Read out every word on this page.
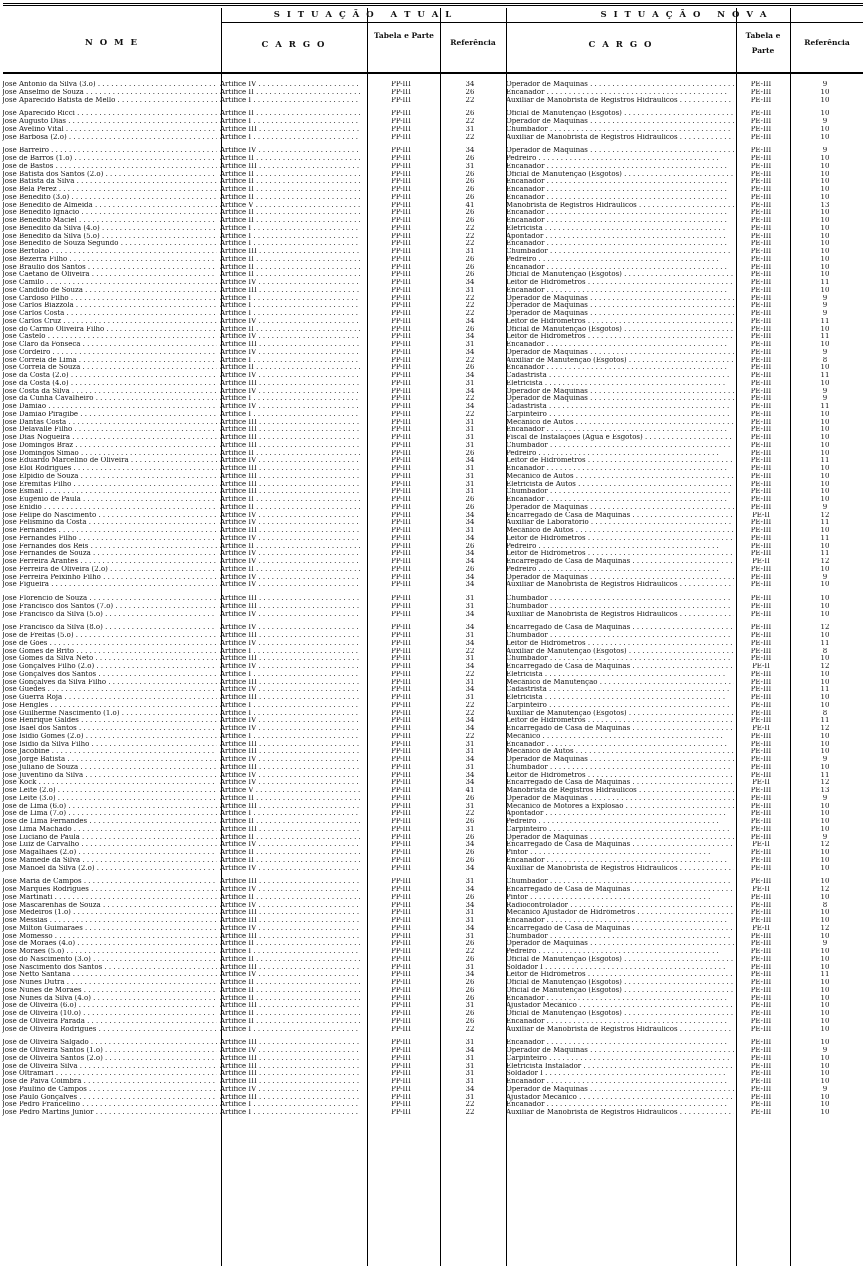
N O M E
S I T U A Ç Ã O   A T U A L	S I T U A Ç Ã O   N O V A
C A R G O
Tabela e Parte
Referência	C A R G O
Tabela e Parte
Referência
José Antonio da Silva (3.o) . . .	Artífice IV . . .	PP-III	34	Operador de Máquinas . . .	PE-III	9
José Anselmo de Souza . . .	Artífice II . . .	PP-III	26	Encanador . . .	PE-III	10
José Aparecido Batista de Mello . . .	Artífice I . . .	PP-III	22	Auxiliar de Manobrista de Registros Hidráulicos . . .	PE-III	10
José Aparecido Ricci . . .	Artífice II . . .	PP-III	26	Oficial de Manutenção (Esgotos) . . .	PE-III	10
José Augusto Dias . . .	Artífice I . . .	PP-III	22	Operador de Máquinas . . .	PE-III	9
José Avelino Vital . . .	Artífice III . . .	PP-III	31	Chumbador . . .	PE-III	10
José Barbosa (2.o) . . .	Artífice I . . .	PP-III	22	Auxiliar de Manobrista de Registros Hidráulicos . . .	PE-III	10
José Barreiro . . .	Artífice IV . . .	PP-III	34	Operador de Máquinas . . .	PE-III	9
José de Barros (1.o) . . .	Artífice II . . .	PP-III	26	Pedreiro . . .	PE-III	10
José de Bastos . . .	Artífice III . . .	PP-III	31	Encanador . . .	PE-III	10
José Batista dos Santos (2.o) . . .	Artífice II . . .	PP-III	26	Oficial de Manutenção (Esgotos) . . .	PE-III	10
José Batista da Silva . . .	Artífice II . . .	PP-III	26	Encanador . . .	PE-III	10
José Bela Perez . . .	Artífice II . . .	PP-III	26	Encanador . . .	PE-III	10
José Benedito (3.o) . . .	Artífice II . . .	PP-III	26	Encanador . . .	PE-III	10
José Benedito de Almeida . . .	Artífice V . . .	PP-III	41	Manobrista de Registros Hidráulicos . . .	PE-III	13
José Benedito Ignácio . . .	Artífice II . . .	PP-III	26	Encanador . . .	PE-III	10
José Benedito Maciel . . .	Artífice II . . .	PP-III	26	Encanador . . .	PE-III	10
José Benedito da Silva (4.o) . . .	Artífice I . . .	PP-III	22	Eletricista . . .	PE-III	10
José Benedito da Silva (5.o) . . .	Artífice I . . .	PP-III	22	Apontador . . .	PE-III	10
José Benedito de Souza Segundo . . .	Artífice I . . .	PP-III	22	Encanador . . .	PE-III	10
José Bertolão . . .	Artífice III . . .	PP-III	31	Chumbador . . .	PE-III	10
José Bezerra Filho . . .	Artífice II . . .	PP-III	26	Pedreiro . . .	PE-III	10
José Braulio dos Santos . . .	Artífice II . . .	PP-III	26	Encanador . . .	PE-III	10
José Caetano de Oliveira . . .	Artífice II . . .	PP-III	26	Oficial de Manutenção (Esgotos) . . .	PE-III	10
José Camilo . . .	Artífice IV . . .	PP-III	34	Leitor de Hidrômetros . . .	PE-III	11
José Candido de Souza . . .	Artífice III . . .	PP-III	31	Encanador . . .	PE-III	10
José Cardoso Filho . . .	Artífice I . . .	PP-III	22	Operador de Máquinas . . .	PE-III	9
José Carlos Biazzola . . .	Artífice I . . .	PP-III	22	Operador de Máquinas . . .	PE-III	9
José Carlos Costa . . .	Artífice I . . .	PP-III	22	Operador de Máquinas . . .	PE-III	9
José Carlos Cruz . . .	Artífice IV . . .	PP-III	34	Leitor de Hidrômetros . . .	PE-III	11
José do Carmo Oliveira Filho . . .	Artífice II . . .	PP-III	26	Oficial de Manutenção (Esgotos) . . .	PE-III	10
José Castelo . . .	Artífice IV . . .	PP-III	34	Leitor de Hidrômetros . . .	PE-III	11
José Claro da Fonseca . . .	Artífice III . . .	PP-III	31	Encanador . . .	PE-III	10
José Cordeiro . . .	Artífice IV . . .	PP-III	34	Operador de Máquinas . . .	PE-III	9
José Correia de Lima . . .	Artífice I . . .	PP-III	22	Auxiliar de Manutenção (Esgotos) . . .	PE-III	8
José Correia de Souza . . .	Artífice II . . .	PP-III	26	Encanador . . .	PE-III	10
José da Costa (2.o) . . .	Artífice IV . . .	PP-III	34	Cadastrista . . .	PE-III	11
José da Costa (4.o) . . .	Artífice III . . .	PP-III	31	Eletricista . . .	PE-III	10
José Costa da Silva . . .	Artífice IV . . .	PP-III	34	Operador de Máquinas . . .	PE-III	9
José da Cunha Cavalheiro . . .	Artífice I . . .	PP-III	22	Operador de Máquinas . . .	PE-III	9
José Damião . . .	Artífice IV . . .	PP-III	34	Cadastrista . . .	PE-III	11
José Damião Piragibe . . .	Artífice I . . .	PP-III	22	Carpinteiro . . .	PE-III	10
José Dantas Costa . . .	Artífice III . . .	PP-III	31	Mecânico de Autos . . .	PE-III	10
José Delavalle Filho . . .	Artífice III . . .	PP-III	31	Encanador . . .	PE-III	10
José Dias Nogueira . . .	Artífice III . . .	PP-III	31	Fiscal de Instalações (Água e Esgotos) . . .	PE-III	10
José Domingos Braz . . .	Artífice III . . .	PP-III	31	Chumbador . . .	PE-III	10
José Domingos Simão . . .	Artífice II . . .	PP-III	26	Pedreiro . . .	PE-III	10
José Eduardo Marcelino de Oliveira . . .	Artífice IV . . .	PP-III	34	Leitor de Hidrômetros . . .	PE-III	11
José Eloi Rodrigues . . .	Artífice III . . .	PP-III	31	Encanador . . .	PE-III	10
José Elpidio de Souza . . .	Artífice III . . .	PP-III	31	Mecânico de Autos . . .	PE-III	10
José Eremitas Filho . . .	Artífice III . . .	PP-III	31	Eletricista de Autos . . .	PE-III	10
José Esmail . . .	Artífice III . . .	PP-III	31	Chumbador . . .	PE-III	10
José Eugênio de Paula . . .	Artífice II . . .	PP-III	26	Encanador . . .	PE-III	10
José Enídio . . .	Artífice II . . .	PP-III	26	Operador de Máquinas . . .	PE-III	9
José Felipe do Nascimento . . .	Artífice IV . . .	PP-III	34	Encarregado de Casa de Máquinas . . .	PE-II	12
José Felismino da Costa . . .	Artífice IV . . .	PP-III	34	Auxiliar de Laboratório . . .	PE-III	11
José Fernandes . . .	Artífice III . . .	PP-III	31	Mecânico de Autos . . .	PE-III	10
José Fernandes Filho . . .	Artífice IV . . .	PP-III	34	Leitor de Hidrômetros . . .	PE-III	11
José Fernandes dos Reis . . .	Artífice II . . .	PP-III	26	Pedreiro . . .	PE-III	10
José Fernandes de Souza . . .	Artífice IV . . .	PP-III	34	Leitor de Hidrômetros . . .	PE-III	11
José Ferreira Arantes . . .	Artífice IV . . .	PP-III	34	Encarregado de Casa de Máquinas . . .	PE-II	12
José Ferreira de Oliveira (2.o) . . .	Artífice II . . .	PP-III	26	Pedreiro . . .	PE-III	10
José Ferreira Peixinho Filho . . .	Artífice IV . . .	PP-III	34	Operador de Máquinas . . .	PE-III	9
José Figueira . . .	Artífice IV . . .	PP-III	34	Auxiliar de Manobrista de Registros Hidráulicos . . .	PE-III	10
José Florencio de Souza . . .	Artífice III . . .	PP-III	31	Chumbador . . .	PE-III	10
José Francisco dos Santos (7.o) . . .	Artífice III . . .	PP-III	31	Chumbador . . .	PE-III	10
José Francisco da Silva (5.o) . . .	Artífice IV . . .	PP-III	34	Auxiliar de Manobrista de Registros Hidráulicos . . .	PE-III	10
José Francisco da Silva (8.o) . . .	Artífice IV . . .	PP-III	34	Encarregado de Casa de Máquinas . . .	PE-III	12
José de Freitas (5.o) . . .	Artífice III . . .	PP-III	31	Chumbador . . .	PE-III	10
José de Góes . . .	Artífice IV . . .	PP-III	34	Leitor de Hidrômetros . . .	PE-III	11
José Gomes de Brito . . .	Artífice I . . .	PP-III	22	Auxiliar de Manutenção (Esgotos) . . .	PE-III	8
José Gomes da Silva Neto . . .	Artífice III . . .	PP-III	31	Chumbador . . .	PE-III	10
José Gonçalves Filho (2.o) . . .	Artífice IV . . .	PP-III	34	Encarregado de Casa de Máquinas . . .	PE-II	12
José Gonçalves dos Santos . . .	Artífice I . . .	PP-III	22	Eletricista . . .	PE-III	10
José Gonçalves da Silva Filho . . .	Artífice III . . .	PP-III	31	Mecânico de Manutenção . . .	PE-III	10
José Guedes . . .	Artífice IV . . .	PP-III	34	Cadastrista . . .	PE-III	11
José Guerra Roja . . .	Artífice III . . .	PP-III	31	Eletricista . . .	PE-III	10
José Hengles . . .	Artífice I . . .	PP-III	22	Carpinteiro . . .	PE-III	10
José Guilherme Nascimento (1.o) . . .	Artífice I . . .	PP-III	22	Auxiliar de Manutenção (Esgotos) . . .	PE-III	8
José Henrique Galdes . . .	Artífice IV . . .	PP-III	34	Leitor de Hidrômetros . . .	PE-III	11
José Isael dos Santos . . .	Artífice IV . . .	PP-III	34	Encarregado de Casa de Máquinas . . .	PE-II	12
José Isidio Gomes (2.o) . . .	Artífice I . . .	PP-III	22	Mecânico . . .	PE-III	10
José Isidio da Silva Filho . . .	Artífice III . . .	PP-III	31	Encanador . . .	PE-III	10
José Jacobine . . .	Artífice III . . .	PP-III	31	Mecânico de Autos . . .	PE-III	10
José Jorge Batista . . .	Artífice IV . . .	PP-III	34	Operador de Máquinas . . .	PE-III	9
José Juliano de Souza . . .	Artífice III . . .	PP-III	31	Chumbador . . .	PE-III	10
José Juventino da Silva . . .	Artífice IV . . .	PP-III	34	Leitor de Hidrômetros . . .	PE-III	11
José Kock . . .	Artífice IV . . .	PP-III	34	Encarregado de Casa de Máquinas . . .	PE-II	12
José Leite (2.o) . . .	Artífice V . . .	PP-III	41	Manobrista de Registros Hidráulicos . . .	PE-III	13
José Leite (3.o) . . .	Artífice II . . .	PP-III	26	Operador de Máquinas . . .	PE-III	9
José de Lima (6.o) . . .	Artífice III . . .	PP-III	31	Mecânico de Motores a Explosão . . .	PE-III	10
José de Lima (7.o) . . .	Artífice I . . .	PP-III	22	Apontador . . .	PE-III	10
José de Lima Fernandes . . .	Artífice II . . .	PP-III	26	Pedreiro . . .	PE-III	10
José Lima Machado . . .	Artífice III . . .	PP-III	31	Carpinteiro . . .	PE-III	10
José Luciano de Paula . . .	Artífice II . . .	PP-III	26	Operador de Máquinas . . .	PE-III	9
José Luiz de Carvalho . . .	Artífice IV . . .	PP-III	34	Encarregado de Casa de Máquinas . . .	PE-II	12
José Magalhães (2.o) . . .	Artífice II . . .	PP-III	26	Pintor . . .	PE-III	10
José Mamede da Silva . . .	Artífice II . . .	PP-III	26	Encanador . . .	PE-III	10
José Manoel da Silva (2.o) . . .	Artífice IV . . .	PP-III	34	Auxiliar de Manobrista de Registros Hidráulicos . . .	PE-III	10
José Maria de Campos . . .	Artífice III . . .	PP-III	31	Chumbador . . .	PE-III	10
José Marques Rodrigues . . .	Artífice IV . . .	PP-III	34	Encarregado de Casa de Máquinas . . .	PE-II	12
José Martinati . . .	Artífice II . . .	PP-III	26	Pintor . . .	PE-III	10
José Mascarenhas de Souza . . .	Artífice IV . . .	PP-III	34	Radiocontrolador . . .	PE-III	8
José Medeiros (1.o) . . .	Artífice III . . .	PP-III	31	Mecânico Ajustador de Hidrômetros . . .	PE-III	10
José Messias . . .	Artífice III . . .	PP-III	31	Encanador . . .	PE-III	10
José Milton Guimarães . . .	Artífice IV . . .	PP-III	34	Encarregado de Casa de Máquinas . . .	PE-II	12
José Momesso . . .	Artífice III . . .	PP-III	31	Chumbador . . .	PE-III	10
José de Moraes (4.o) . . .	Artífice II . . .	PP-III	26	Operador de Máquinas . . .	PE-III	9
José Moraes (5.o) . . .	Artífice I . . .	PP-III	22	Pedreiro . . .	PE-III	10
José do Nascimento (3.o) . . .	Artífice II . . .	PP-III	26	Oficial de Manutenção (Esgotos) . . .	PE-III	10
José Nascimento dos Santos . . .	Artífice III . . .	PP-III	31	Soldador I . . .	PE-III	10
José Netto Santana . . .	Artífice IV . . .	PP-III	34	Leitor de Hidrômetros . . .	PE-III	11
José Nunes Dutra . . .	Artífice II . . .	PP-III	26	Oficial de Manutenção (Esgotos) . . .	PE-III	10
José Nunes de Moraes . . .	Artífice II . . .	PP-III	26	Oficial de Manutenção (Esgotos) . . .	PE-III	10
José Nunes da Silva (4.o) . . .	Artífice II . . .	PP-III	26	Encanador . . .	PE-III	10
José de Oliveira (6.o) . . .	Artífice III . . .	PP-III	31	Ajustador Mecânico . . .	PE-III	10
José de Oliveira (10.o) . . .	Artífice II . . .	PP-III	26	Oficial de Manutenção (Esgotos) . . .	PE-III	10
José de Oliveira Parada . . .	Artífice II . . .	PP-III	26	Encanador . . .	PE-III	10
José de Oliveira Rodrigues . . .	Artífice I . . .	PP-III	22	Auxiliar de Manobrista de Registros Hidráulicos . . .	PE-III	10
José de Oliveira Salgado . . .	Artífice III . . .	PP-III	31	Encanador . . .	PE-III	10
José de Oliveira Santos (1.o) . . .	Artífice IV . . .	PP-III	34	Operador de Máquinas . . .	PE-III	9
José de Oliveira Santos (2.o) . . .	Artífice III . . .	PP-III	31	Carpinteiro . . .	PE-III	10
José de Oliveira Silva . . .	Artífice III . . .	PP-III	31	Eletricista Instalador . . .	PE-III	10
José Oltramari . . .	Artífice III . . .	PP-III	31	Soldador I . . .	PE-III	10
José de Paiva Coimbra . . .	Artífice III . . .	PP-III	31	Encanador . . .	PE-III	10
José Paulino de Campos . . .	Artífice IV . . .	PP-III	34	Operador de Máquinas . . .	PE-III	9
José Paulo Gonçalves . . .	Artífice III . . .	PP-III	31	Ajustador Mecânico . . .	PE-III	10
José Pedro Francelino . . .	Artífice I . . .	PP-III	22	Encanador . . .	PE-III	10
José Pedro Martins Júnior . . .	Artífice I . . .	PP-III	22	Auxiliar de Manobrista de Registros Hidráulicos . . .	PE-III	10
